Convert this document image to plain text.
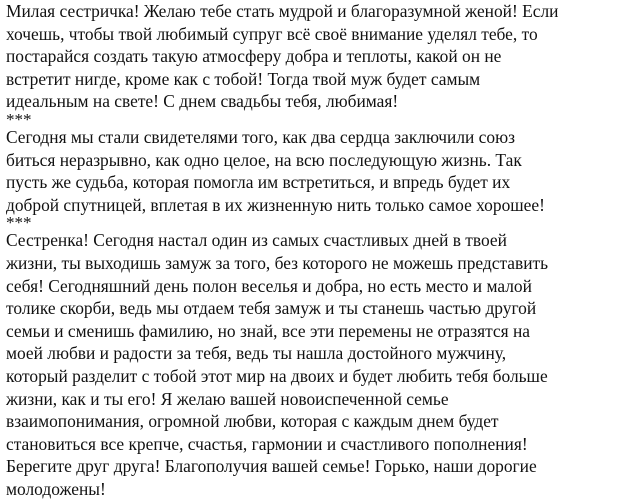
Милая сестричка! Желаю тебе стать мудрой и благоразумной женой! Если
хочешь, чтобы твой любимый супруг всё своё внимание уделял тебе, то
постарайся создать такую атмосферу добра и теплоты, какой он не
встретит нигде, кроме как с тобой! Тогда твой муж будет самым
идеальным на свете! С днем свадьбы тебя, любимая!
***
Сегодня мы стали свидетелями того, как два сердца заключили союз
биться неразрывно, как одно целое, на всю последующую жизнь. Так
пусть же судьба, которая помогла им встретиться, и впредь будет их
доброй спутницей, вплетая в их жизненную нить только самое хорошее!
***
Сестренка! Сегодня настал один из самых счастливых дней в твоей
жизни, ты выходишь замуж за того, без которого не можешь представить
себя! Сегодняшний день полон веселья и добра, но есть место и малой
толике скорби, ведь мы отдаем тебя замуж и ты станешь частью другой
семьи и сменишь фамилию, но знай, все эти перемены не отразятся на
моей любви и радости за тебя, ведь ты нашла достойного мужчину,
который разделит с тобой этот мир на двоих и будет любить тебя больше
жизни, как и ты его! Я желаю вашей новоиспеченной семье
взаимопонимания, огромной любви, которая с каждым днем будет
становиться все крепче, счастья, гармонии и счастливого пополнения!
Берегите друг друга! Благополучия вашей семье! Горько, наши дорогие
молодожены!
